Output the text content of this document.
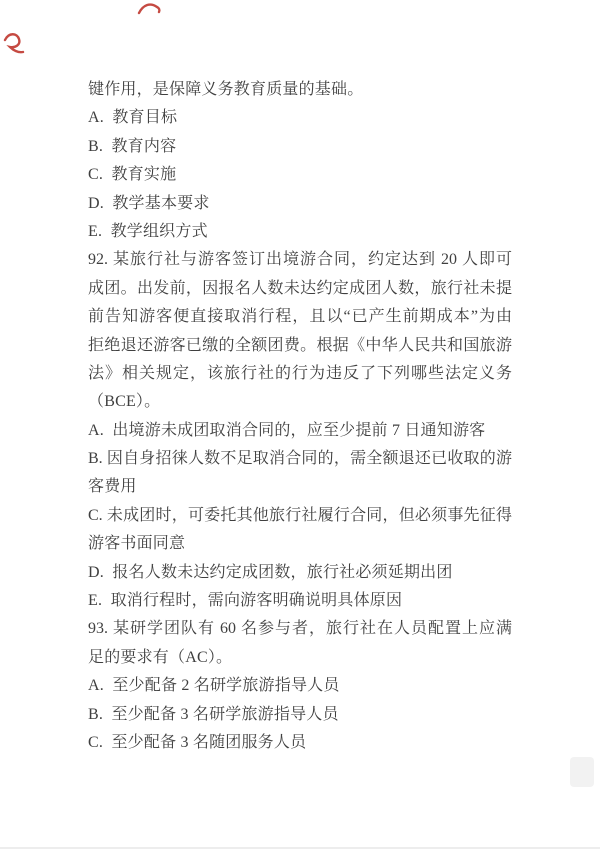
键作用，是保障义务教育质量的基础。
A.  教育目标
B.  教育内容
C.  教育实施
D.  教学基本要求
E.  教学组织方式
92. 某旅行社与游客签订出境游合同，约定达到 20 人即可
成团。出发前，因报名人数未达约定成团人数，旅行社未提
前告知游客便直接取消行程，且以“已产生前期成本”为由
拒绝退还游客已缴的全额团费。根据《中华人民共和国旅游
法》相关规定，该旅行社的行为违反了下列哪些法定义务
（BCE）。
A.  出境游未成团取消合同的，应至少提前 7 日通知游客
B. 因自身招徕人数不足取消合同的，需全额退还已收取的游
客费用
C. 未成团时，可委托其他旅行社履行合同，但必须事先征得
游客书面同意
D.  报名人数未达约定成团数，旅行社必须延期出团
E.  取消行程时，需向游客明确说明具体原因
93. 某研学团队有 60 名参与者，旅行社在人员配置上应满
足的要求有（AC）。
A.  至少配备 2 名研学旅游指导人员
B.  至少配备 3 名研学旅游指导人员
C.  至少配备 3 名随团服务人员
